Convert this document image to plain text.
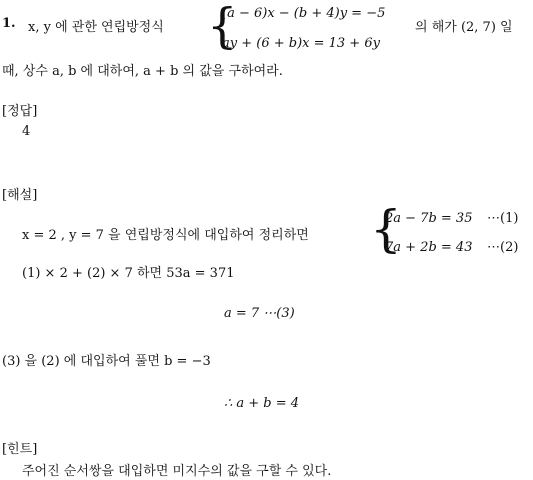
1. x, y 에 관한 연립방정식 {
(a − 6)x − (b + 4)y = −5
ay + (6 + b)x = 13 + 6y
의 해가 (2, 7) 일
때, 상수 a, b 에 대하여, a + b 의 값을 구하여라.
[정답]
4
[해설]
x = 2 , y = 7 을 연립방정식에 대입하여 정리하면 {
2a − 7b = 35 ⋯(1)
7a + 2b = 43 ⋯(2)
(1) × 2 + (2) × 7 하면 53a = 371
a = 7 ⋯(3)
(3) 을 (2) 에 대입하여 풀면 b = −3
∴ a + b = 4
[힌트]
주어진 순서쌍을 대입하면 미지수의 값을 구할 수 있다.
